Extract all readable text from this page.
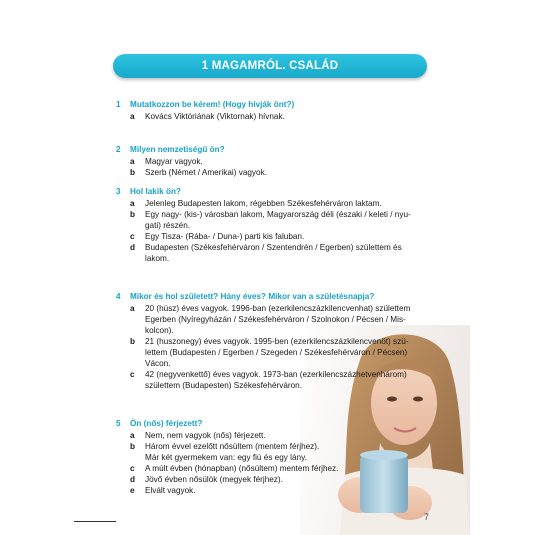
1 MAGAMRÓL. CSALÁD
1 Mutatkozzon be kérem! (Hogy hívják önt?)
a Kovács Viktóriának (Viktornak) hívnak.
2 Milyen nemzetiségű ön?
a Magyar vagyok.
b Szerb (Német / Amerikai) vagyok.
3 Hol lakik ön?
a Jelenleg Budapesten lakom, régebben Székesfehérváron laktam.
b Egy nagy- (kis-) városban lakom, Magyarország déli (északi / keleti / nyu-
gati) részén.
c Egy Tisza- (Rába- / Duna-) parti kis faluban.
d Budapesten (Székesfehérváron / Szentendrén / Egerben) születtem és
lakom.
4 Mikor és hol született? Hány éves? Mikor van a születésnapja?
a 20 (húsz) éves vagyok. 1996-ban (ezerkilencszázkilencvenhat) születtem
Egerben (Nyíregyházán / Székesfehérváron / Szolnokon / Pécsen / Mis-
kolcon).
b 21 (huszonegy) éves vagyok. 1995-ben (ezerkilencszázkilencvenöt) szü-
lettem (Budapesten / Egerben / Szegeden / Székesfehérváron / Pécsen)
Vácon.
c 42 (negyvenkettő) éves vagyok. 1973-ban (ezerkilencszázhetvenhárom)
születtem (Budapesten) Székesfehérváron.
5 Ön (nős) férjezett?
a Nem, nem vagyok (nős) férjezett.
b Három évvel ezelőtt nősültem (mentem férjhez).
Már két gyermekem van: egy fiú és egy lány.
c A múlt évben (hónapban) (nősültem) mentem férjhez.
d Jövő évben nősülök (megyek férjhez).
e Elvált vagyok.
7
